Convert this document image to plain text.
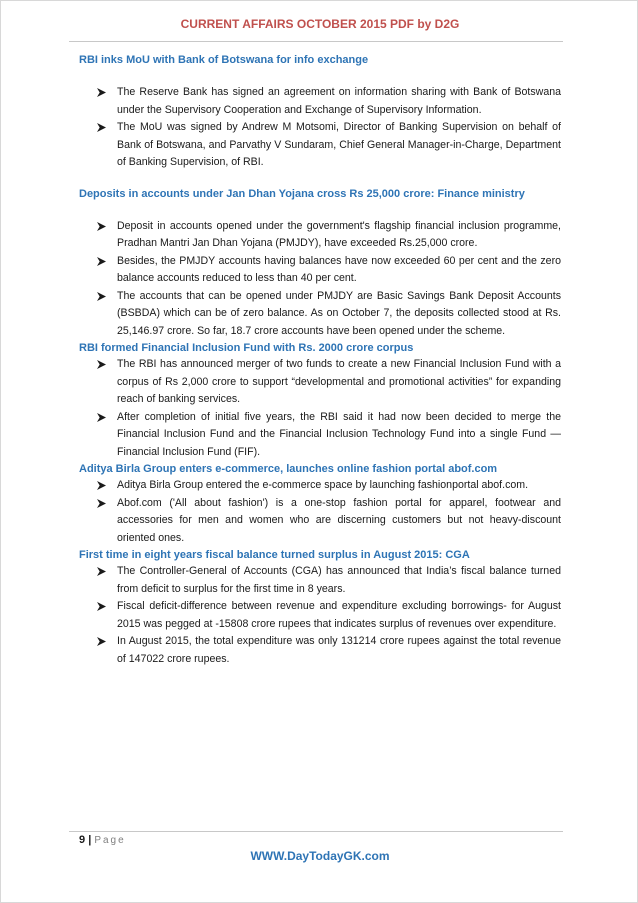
CURRENT AFFAIRS OCTOBER 2015 PDF by D2G
RBI inks MoU with Bank of Botswana for info exchange
The Reserve Bank has signed an agreement on information sharing with Bank of Botswana under the Supervisory Cooperation and Exchange of Supervisory Information.
The MoU was signed by Andrew M Motsomi, Director of Banking Supervision on behalf of Bank of Botswana, and Parvathy V Sundaram, Chief General Manager-in-Charge, Department of Banking Supervision, of RBI.
Deposits in accounts under Jan Dhan Yojana cross Rs 25,000 crore: Finance ministry
Deposit in accounts opened under the government's flagship financial inclusion programme, Pradhan Mantri Jan Dhan Yojana (PMJDY), have exceeded Rs.25,000 crore.
Besides, the PMJDY accounts having balances have now exceeded 60 per cent and the zero balance accounts reduced to less than 40 per cent.
The accounts that can be opened under PMJDY are Basic Savings Bank Deposit Accounts (BSBDA) which can be of zero balance. As on October 7, the deposits collected stood at Rs. 25,146.97 crore. So far, 18.7 crore accounts have been opened under the scheme.
RBI formed Financial Inclusion Fund with Rs. 2000 crore corpus
The RBI has announced merger of two funds to create a new Financial Inclusion Fund with a corpus of Rs 2,000 crore to support “developmental and promotional activities” for expanding reach of banking services.
After completion of initial five years, the RBI said it had now been decided to merge the Financial Inclusion Fund and the Financial Inclusion Technology Fund into a single Fund — Financial Inclusion Fund (FIF).
Aditya Birla Group enters e-commerce, launches online fashion portal abof.com
Aditya Birla Group entered the e-commerce space by launching fashionportal abof.com.
Abof.com ('All about fashion') is a one-stop fashion portal for apparel, footwear and accessories for men and women who are discerning customers but not heavy-discount oriented ones.
First time in eight years fiscal balance turned surplus in August 2015: CGA
The Controller-General of Accounts (CGA) has announced that India’s fiscal balance turned from deficit to surplus for the first time in 8 years.
Fiscal deficit-difference between revenue and expenditure excluding borrowings- for August 2015 was pegged at -15808 crore rupees that indicates surplus of revenues over expenditure.
In August 2015, the total expenditure was only 131214 crore rupees against the total revenue of 147022 crore rupees.
9 | Page
WWW.DayTodayGK.com
